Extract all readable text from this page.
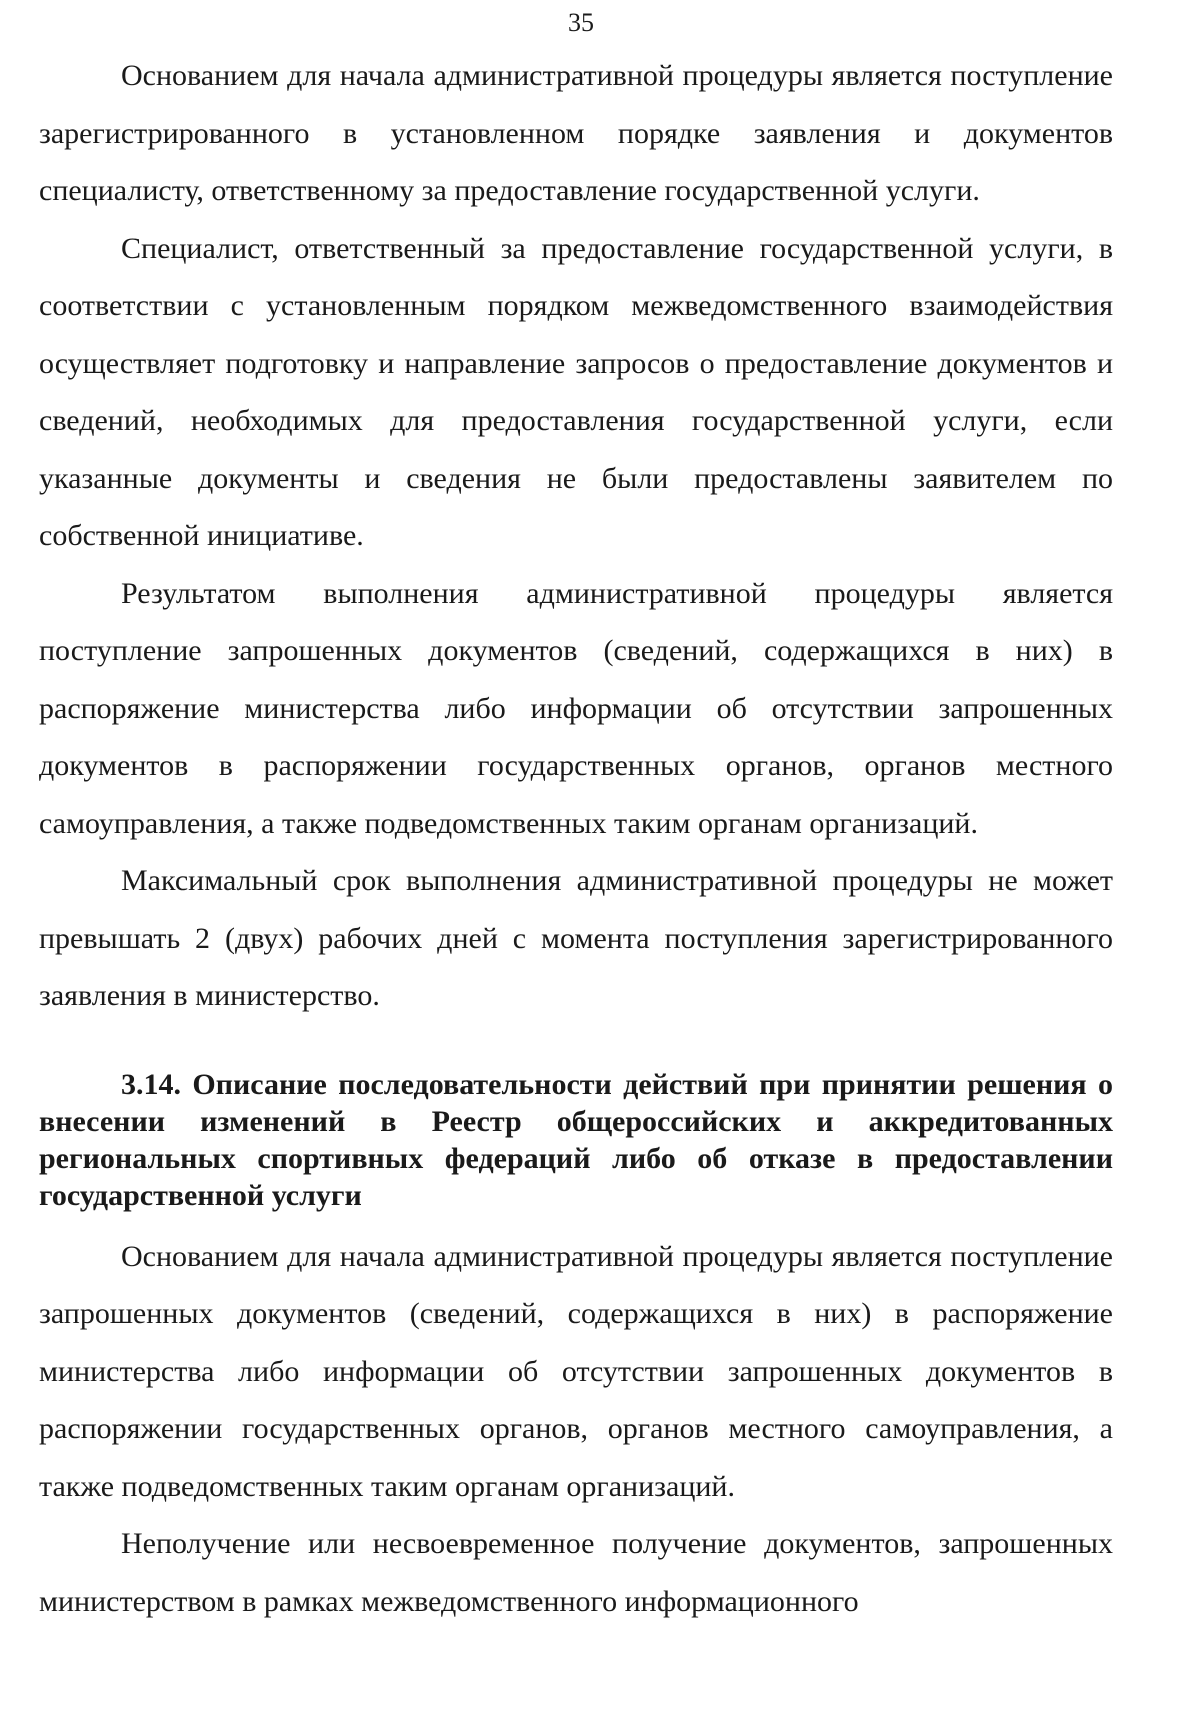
35

Основанием для начала административной процедуры является поступление зарегистрированного в установленном порядке заявления и документов специалисту, ответственному за предоставление государственной услуги.

Специалист, ответственный за предоставление государственной услуги, в соответствии с установленным порядком межведомственного взаимодействия осуществляет подготовку и направление запросов о предоставление документов и сведений, необходимых для предоставления государственной услуги, если указанные документы и сведения не были предоставлены заявителем по собственной инициативе.

Результатом выполнения административной процедуры является поступление запрошенных документов (сведений, содержащихся в них) в распоряжение министерства либо информации об отсутствии запрошенных документов в распоряжении государственных органов, органов местного самоуправления, а также подведомственных таким органам организаций.

Максимальный срок выполнения административной процедуры не может превышать 2 (двух) рабочих дней с момента поступления зарегистрированного заявления в министерство.

3.14. Описание последовательности действий при принятии решения о внесении изменений в Реестр общероссийских и аккредитованных региональных спортивных федераций либо об отказе в предоставлении государственной услуги

Основанием для начала административной процедуры является поступление запрошенных документов (сведений, содержащихся в них) в распоряжение министерства либо информации об отсутствии запрошенных документов в распоряжении государственных органов, органов местного самоуправления, а также подведомственных таким органам организаций.

Неполучение или несвоевременное получение документов, запрошенных министерством в рамках межведомственного информационного
